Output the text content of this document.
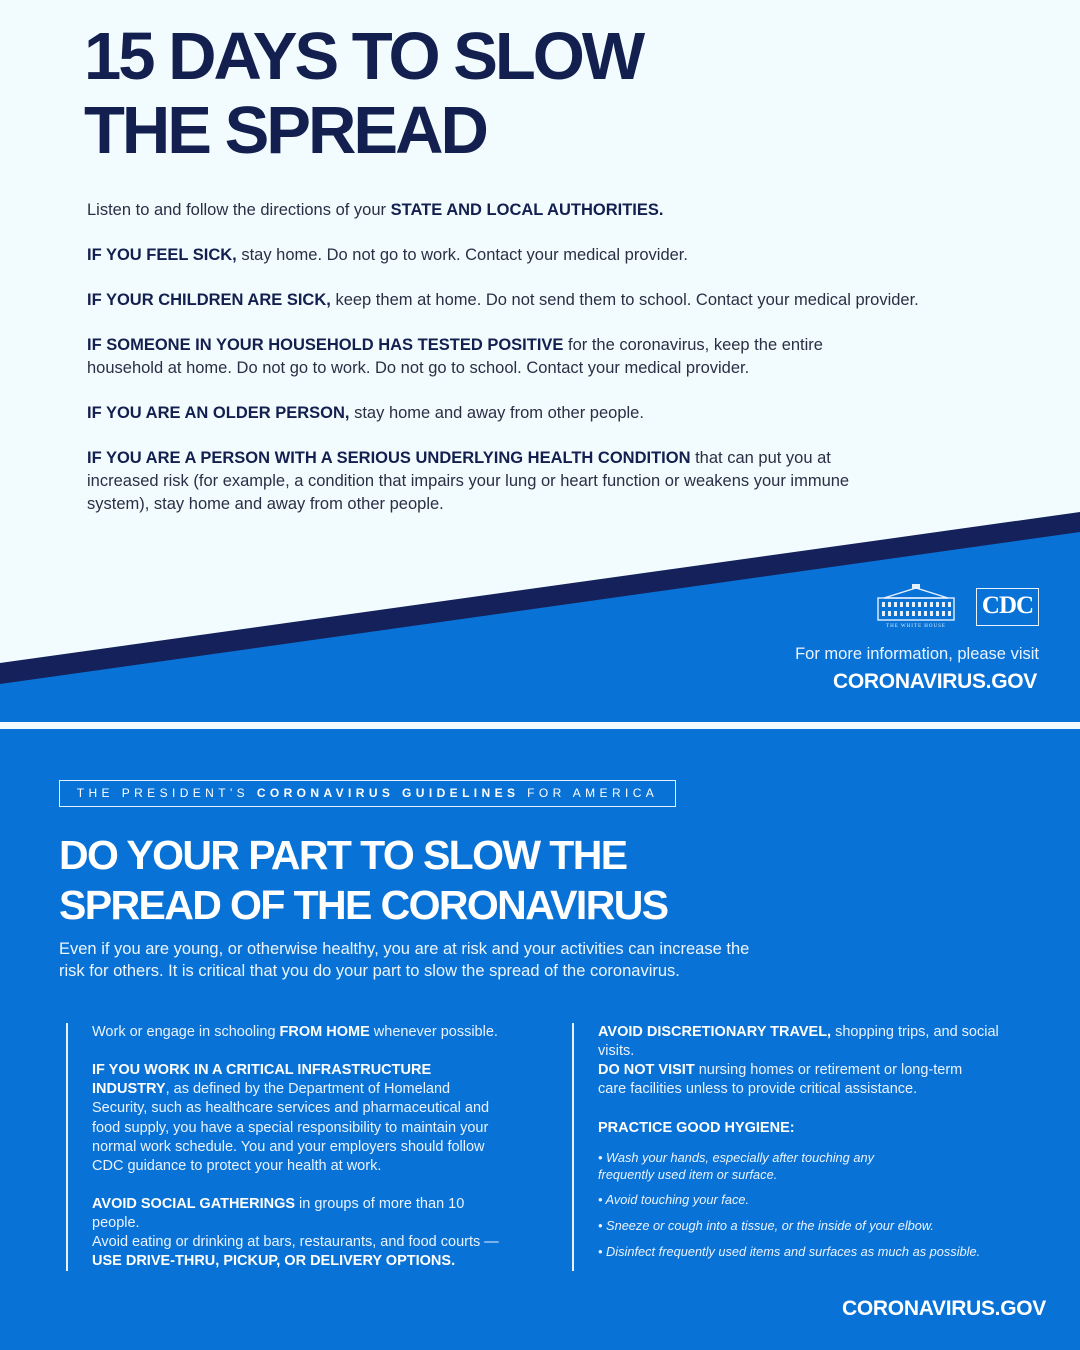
15 DAYS TO SLOW
THE SPREAD
Listen to and follow the directions of your STATE AND LOCAL AUTHORITIES.
IF YOU FEEL SICK, stay home. Do not go to work. Contact your medical provider.
IF YOUR CHILDREN ARE SICK, keep them at home. Do not send them to school. Contact your medical provider.
IF SOMEONE IN YOUR HOUSEHOLD HAS TESTED POSITIVE for the coronavirus, keep the entire household at home. Do not go to work. Do not go to school. Contact your medical provider.
IF YOU ARE AN OLDER PERSON, stay home and away from other people.
IF YOU ARE A PERSON WITH A SERIOUS UNDERLYING HEALTH CONDITION that can put you at increased risk (for example, a condition that impairs your lung or heart function or weakens your immune system), stay home and away from other people.
THE WHITE HOUSE
CDC
For more information, please visit
CORONAVIRUS.GOV
THE PRESIDENT'S CORONAVIRUS GUIDELINES FOR AMERICA
DO YOUR PART TO SLOW THE
SPREAD OF THE CORONAVIRUS
Even if you are young, or otherwise healthy, you are at risk and your activities can increase the risk for others. It is critical that you do your part to slow the spread of the coronavirus.
Work or engage in schooling FROM HOME whenever possible.
IF YOU WORK IN A CRITICAL INFRASTRUCTURE INDUSTRY, as defined by the Department of Homeland Security, such as healthcare services and pharmaceutical and food supply, you have a special responsibility to maintain your normal work schedule. You and your employers should follow CDC guidance to protect your health at work.
AVOID SOCIAL GATHERINGS in groups of more than 10 people.
Avoid eating or drinking at bars, restaurants, and food courts —
USE DRIVE-THRU, PICKUP, OR DELIVERY OPTIONS.
AVOID DISCRETIONARY TRAVEL, shopping trips, and social visits.
DO NOT VISIT nursing homes or retirement or long-term care facilities unless to provide critical assistance.
PRACTICE GOOD HYGIENE:
• Wash your hands, especially after touching any frequently used item or surface.
• Avoid touching your face.
• Sneeze or cough into a tissue, or the inside of your elbow.
• Disinfect frequently used items and surfaces as much as possible.
CORONAVIRUS.GOV
